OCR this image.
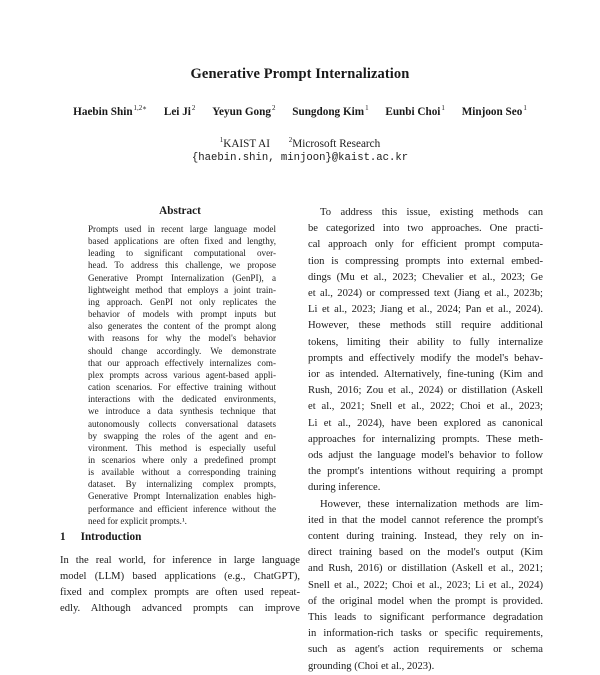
Generative Prompt Internalization
Haebin Shin$^{1,2∗}$ Lei Ji$^2$ Yeyun Gong$^2$ Sungdong Kim$^1$ Eunbi Choi$^1$ Minjoon Seo$^1$
$^1$KAIST AI	$^2$Microsoft Research
{haebin.shin, minjoon}@kaist.ac.kr
Abstract
Prompts used in recent large language model
based applications are often fixed and lengthy,
leading to significant computational over-
head. To address this challenge, we propose
Generative Prompt Internalization (GenPI), a
lightweight method that employs a joint train-
ing approach. GenPI not only replicates the
behavior of models with prompt inputs but
also generates the content of the prompt along
with reasons for why the model's behavior
should change accordingly. We demonstrate
that our approach effectively internalizes com-
plex prompts across various agent-based appli-
cation scenarios. For effective training without
interactions with the dedicated environments,
we introduce a data synthesis technique that
autonomously collects conversational datasets
by swapping the roles of the agent and en-
vironment. This method is especially useful
in scenarios where only a predefined prompt
is available without a corresponding training
dataset. By internalizing complex prompts,
Generative Prompt Internalization enables high-
performance and efficient inference without the
need for explicit prompts.¹.
1 Introduction
In the real world, for inference in large language
model (LLM) based applications (e.g., ChatGPT),
fixed and complex prompts are often used repeat-
edly. Although advanced prompts can improve
To address this issue, existing methods can
be categorized into two approaches. One practi-
cal approach only for efficient prompt computa-
tion is compressing prompts into external embed-
dings (Mu et al., 2023; Chevalier et al., 2023; Ge
et al., 2024) or compressed text (Jiang et al., 2023b;
Li et al., 2023; Jiang et al., 2024; Pan et al., 2024).
However, these methods still require additional
tokens, limiting their ability to fully internalize
prompts and effectively modify the model's behav-
ior as intended. Alternatively, fine-tuning (Kim and
Rush, 2016; Zou et al., 2024) or distillation (Askell
et al., 2021; Snell et al., 2022; Choi et al., 2023;
Li et al., 2024), have been explored as canonical
approaches for internalizing prompts. These meth-
ods adjust the language model's behavior to follow
the prompt's intentions without requiring a prompt
during inference.
However, these internalization methods are lim-
ited in that the model cannot reference the prompt's
content during training. Instead, they rely on in-
direct training based on the model's output (Kim
and Rush, 2016) or distillation (Askell et al., 2021;
Snell et al., 2022; Choi et al., 2023; Li et al., 2024)
of the original model when the prompt is provided.
This leads to significant performance degradation
in information-rich tasks or specific requirements,
such as agent's action requirements or schema
grounding (Choi et al., 2023).
